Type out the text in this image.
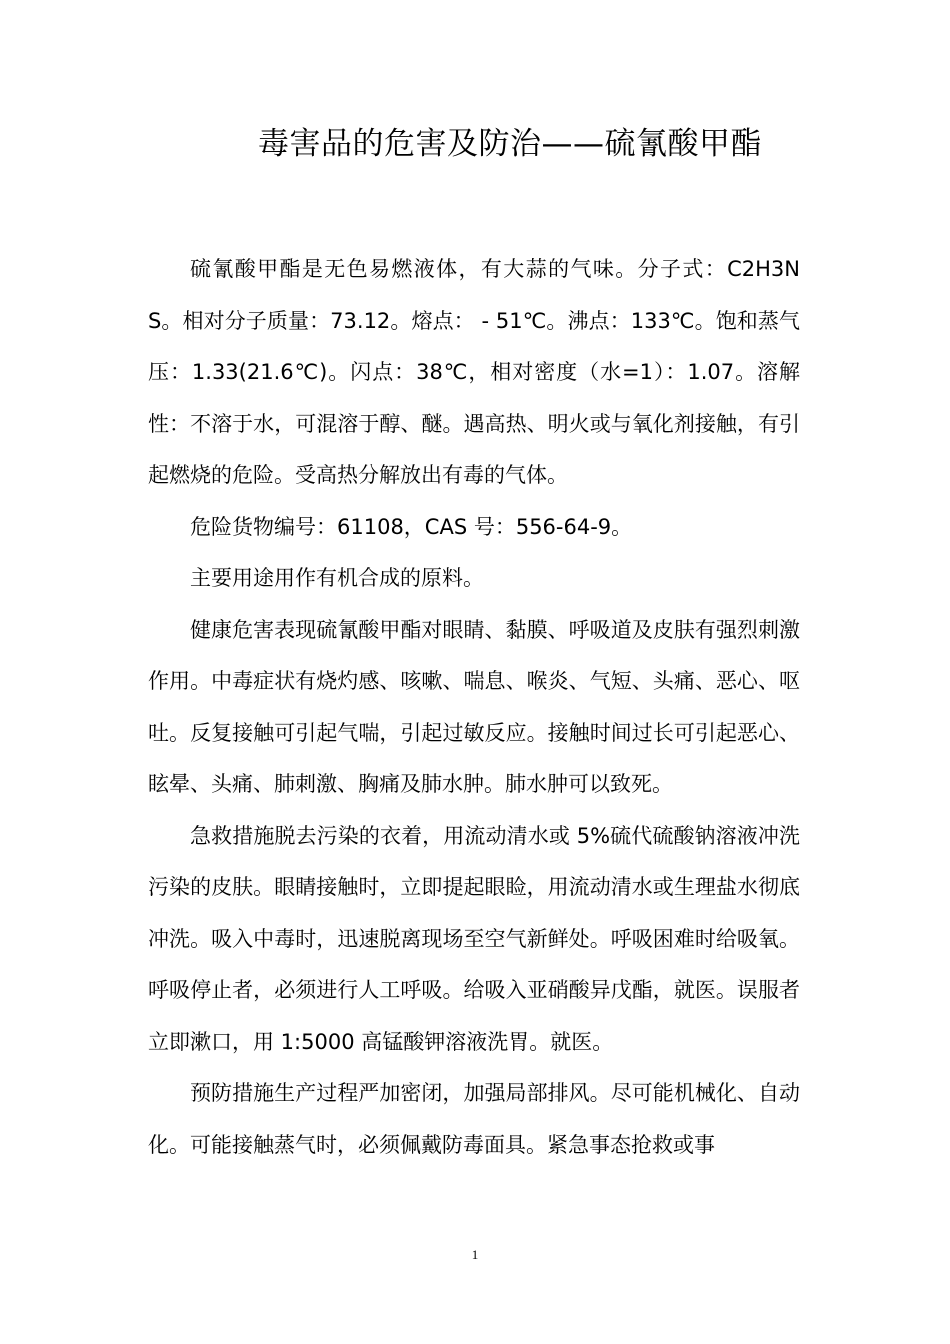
毒害品的危害及防治——硫氰酸甲酯

硫氰酸甲酯是无色易燃液体，有大蒜的气味。分子式：C2H3NS。相对分子质量：73.12。熔点： - 51℃。沸点：133℃。饱和蒸气压：1.33(21.6℃)。闪点：38℃，相对密度（水=1）：1.07。溶解性：不溶于水，可混溶于醇、醚。遇高热、明火或与氧化剂接触，有引起燃烧的危险。受高热分解放出有毒的气体。

危险货物编号：61108，CAS 号：556-64-9。

主要用途用作有机合成的原料。

健康危害表现硫氰酸甲酯对眼睛、黏膜、呼吸道及皮肤有强烈刺激作用。中毒症状有烧灼感、咳嗽、喘息、喉炎、气短、头痛、恶心、呕吐。反复接触可引起气喘，引起过敏反应。接触时间过长可引起恶心、眩晕、头痛、肺刺激、胸痛及肺水肿。肺水肿可以致死。

急救措施脱去污染的衣着，用流动清水或 5%硫代硫酸钠溶液冲洗污染的皮肤。眼睛接触时，立即提起眼睑，用流动清水或生理盐水彻底冲洗。吸入中毒时，迅速脱离现场至空气新鲜处。呼吸困难时给吸氧。呼吸停止者，必须进行人工呼吸。给吸入亚硝酸异戊酯，就医。误服者立即漱口，用 1:5000 高锰酸钾溶液洗胃。就医。

预防措施生产过程严加密闭，加强局部排风。尽可能机械化、自动化。可能接触蒸气时，必须佩戴防毒面具。紧急事态抢救或事

1
